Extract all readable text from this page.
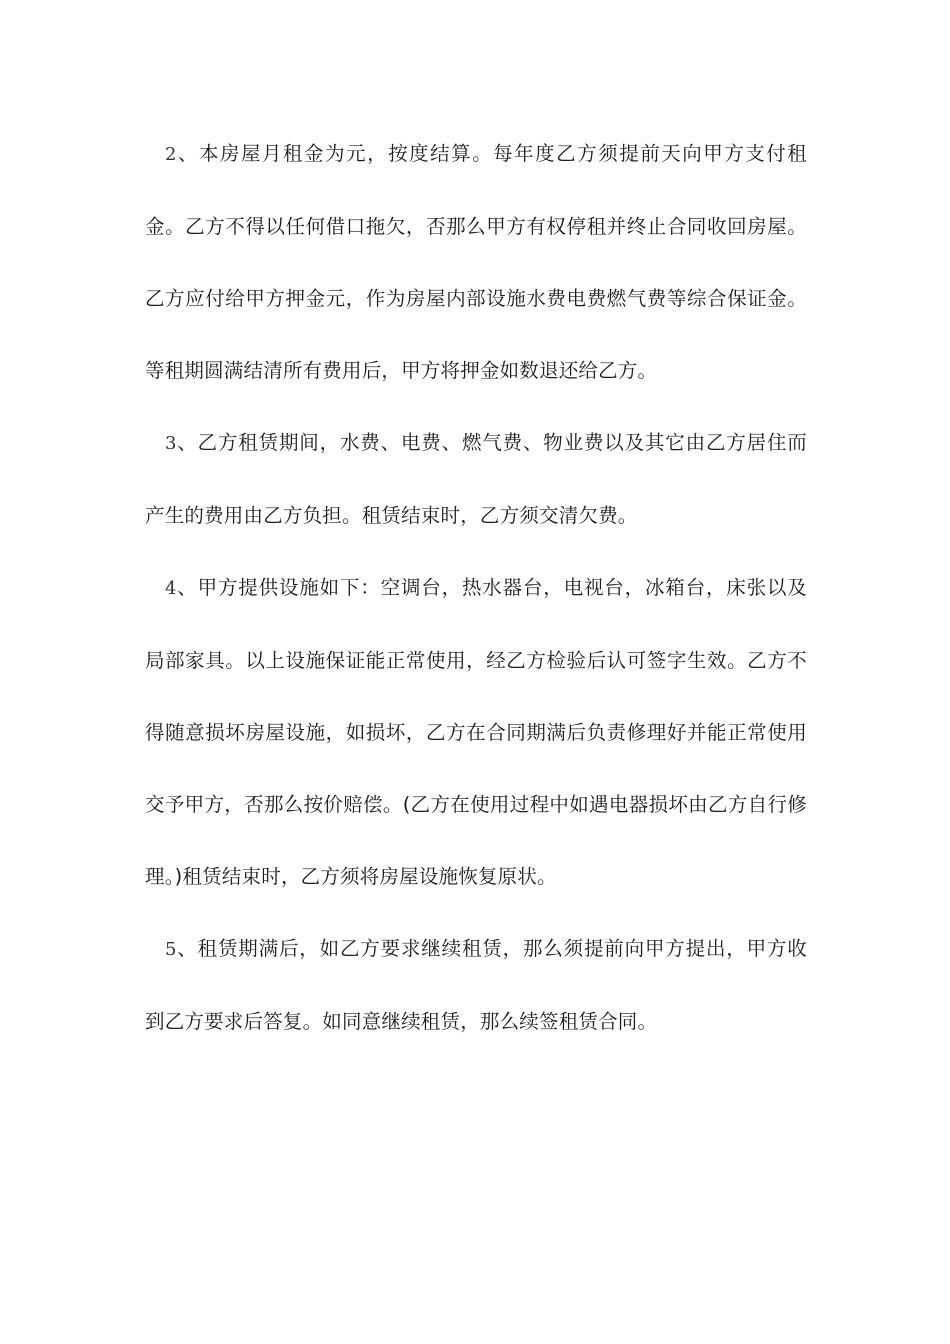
2、本房屋月租金为元，按度结算。每年度乙方须提前天向甲方支付租金。乙方不得以任何借口拖欠，否那么甲方有权停租并终止合同收回房屋。乙方应付给甲方押金元，作为房屋内部设施水费电费燃气费等综合保证金。等租期圆满结清所有费用后，甲方将押金如数退还给乙方。

3、乙方租赁期间，水费、电费、燃气费、物业费以及其它由乙方居住而产生的费用由乙方负担。租赁结束时，乙方须交清欠费。

4、甲方提供设施如下：空调台，热水器台，电视台，冰箱台，床张以及局部家具。以上设施保证能正常使用，经乙方检验后认可签字生效。乙方不得随意损坏房屋设施，如损坏，乙方在合同期满后负责修理好并能正常使用交予甲方，否那么按价赔偿。(乙方在使用过程中如遇电器损坏由乙方自行修理。)租赁结束时，乙方须将房屋设施恢复原状。

5、租赁期满后，如乙方要求继续租赁，那么须提前向甲方提出，甲方收到乙方要求后答复。如同意继续租赁，那么续签租赁合同。
